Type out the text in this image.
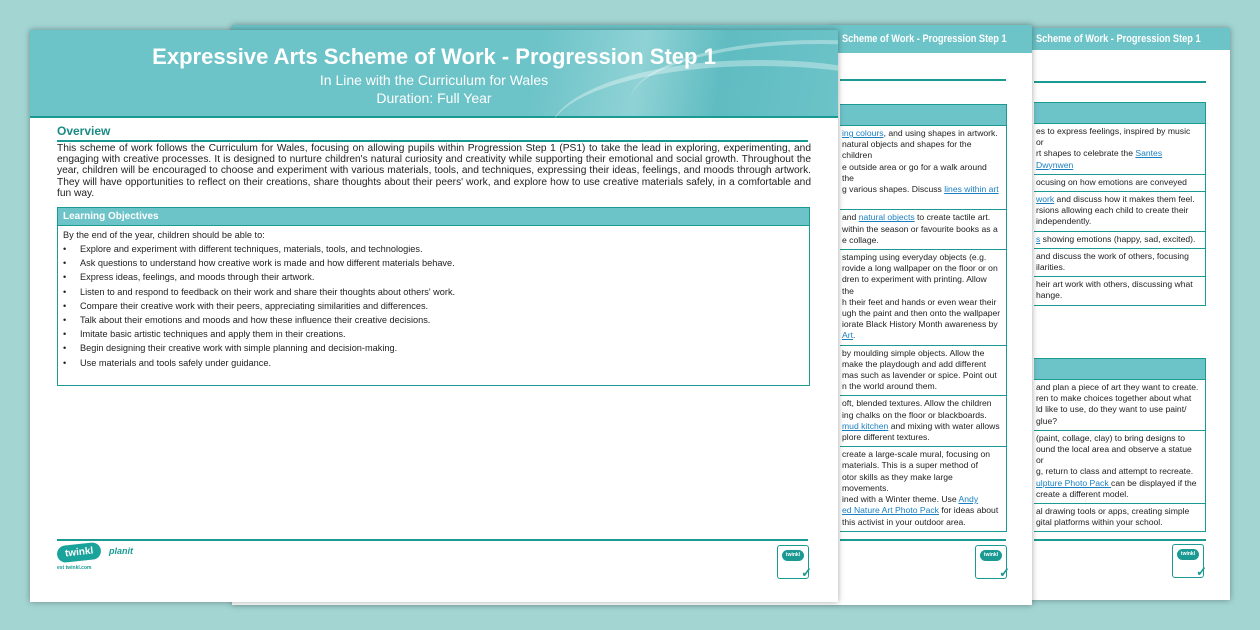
Scheme of Work - Progression Step 1
es to express feelings, inspired by music or
rt shapes to celebrate the Santes Dwynwen
ocusing on how emotions are conveyed
work and discuss how it makes them feel.
rsions allowing each child to create their
independently.
s showing emotions (happy, sad, excited).
and discuss the work of others, focusing
ilarities.
heir art work with others, discussing what
hange.
and plan a piece of art they want to create.
ren to make choices together about what
ld like to use, do they want to use paint/
glue?
(paint, collage, clay) to bring designs to
ound the local area and observe a statue or
g, return to class and attempt to recreate.
ulpture Photo Pack can be displayed if the
create a different model.
al drawing tools or apps, creating simple
gital platforms within your school.
twinkl
✓
Scheme of Work - Progression Step 1
ing colours, and using shapes in artwork.
natural objects and shapes for the children
e outside area or go for a walk around the
g various shapes. Discuss lines within art

and natural objects to create tactile art.
within the season or favourite books as a
e collage.
stamping using everyday objects (e.g.
rovide a long wallpaper on the floor or on
dren to experiment with printing. Allow the
h their feet and hands or even wear their
ugh the paint and then onto the wallpaper
iorate Black History Month awareness by
Art.
by moulding simple objects. Allow the
make the playdough and add different
mas such as lavender or spice. Point out
n the world around them.
oft, blended textures. Allow the children
ing chalks on the floor or blackboards.
mud kitchen and mixing with water allows
plore different textures.
create a large-scale mural, focusing on
materials. This is a super method of
otor skills as they make large movements.
ined with a Winter theme. Use Andy
ed Nature Art Photo Pack for ideas about
this activist in your outdoor area.
twinkl
✓
Expressive Arts Scheme of Work - Progression Step 1
In Line with the Curriculum for Wales
Duration: Full Year
Overview
This scheme of work follows the Curriculum for Wales, focusing on allowing pupils within Progression Step 1 (PS1) to take the lead in exploring, experimenting, and engaging with creative processes. It is designed to nurture children's natural curiosity and creativity while supporting their emotional and social growth. Throughout the year, children will be encouraged to choose and experiment with various materials, tools, and techniques, expressing their ideas, feelings, and moods through artwork. They will have opportunities to reflect on their creations, share thoughts about their peers' work, and explore how to use creative materials safely, in a comfortable and fun way.
Learning Objectives
By the end of the year, children should be able to:
• Explore and experiment with different techniques, materials, tools, and technologies.
• Ask questions to understand how creative work is made and how different materials behave.
• Express ideas, feelings, and moods through their artwork.
• Listen to and respond to feedback on their work and share their thoughts about others' work.
• Compare their creative work with their peers, appreciating similarities and differences.
• Talk about their emotions and moods and how these influence their creative decisions.
• Imitate basic artistic techniques and apply them in their creations.
• Begin designing their creative work with simple planning and decision-making.
• Use materials and tools safely under guidance.
twinkl planit
est twinkl.com
twinkl
✓
